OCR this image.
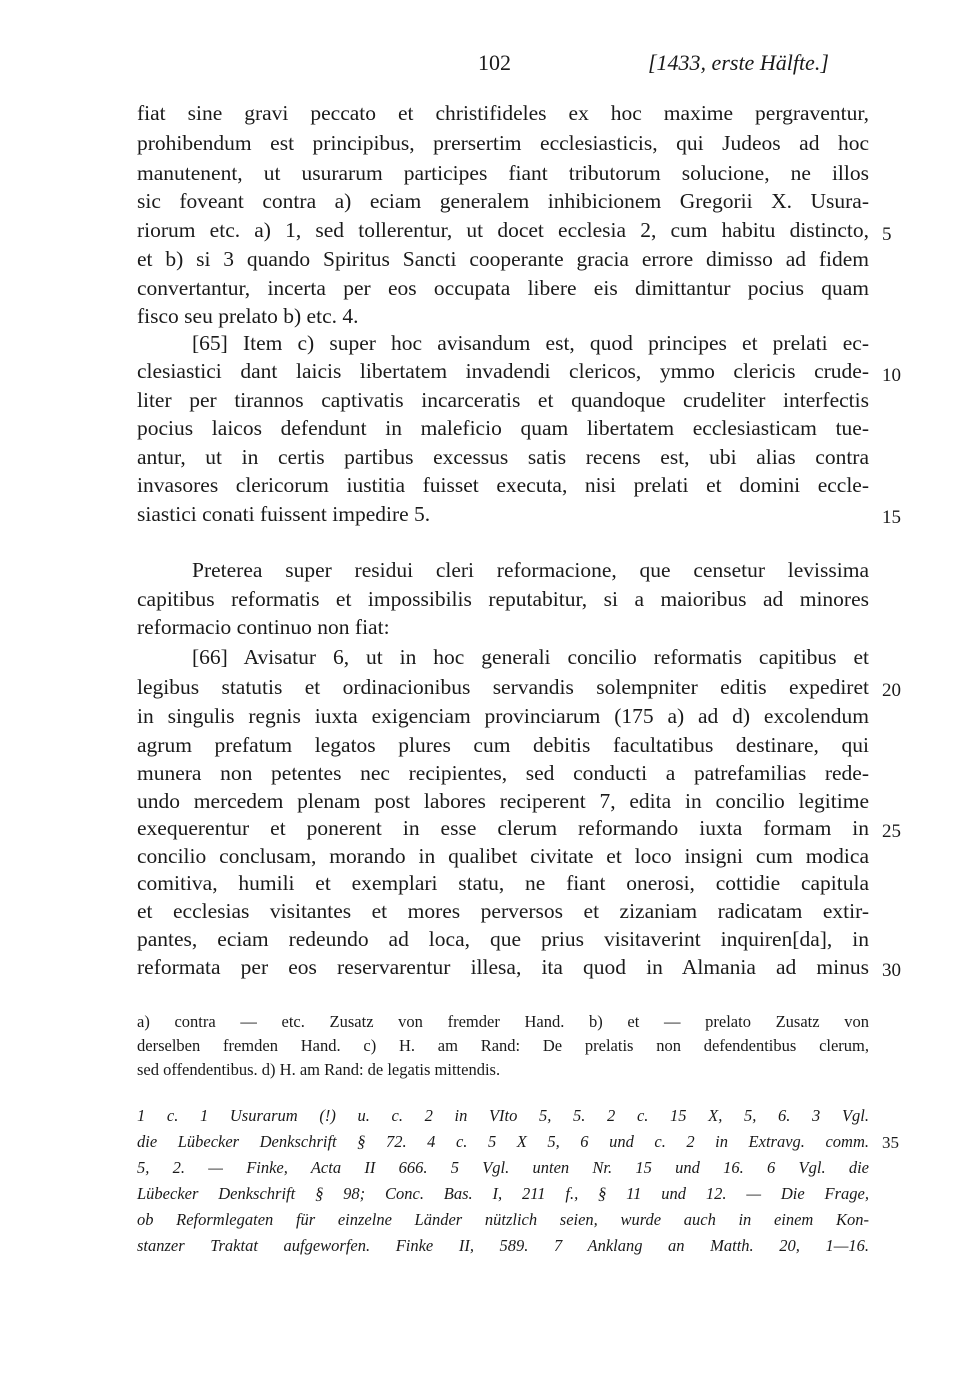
102	[1433, erste Hälfte.]
fiat sine gravi peccato et christifideles ex hoc maxime pergraventur,
prohibendum est principibus, prersertim ecclesiasticis, qui Judeos ad hoc
manutenent, ut usurarum participes fiant tributorum solucione, ne illos
sic foveant contra a) eciam generalem inhibicionem Gregorii X. Usura-
riorum etc. a) 1, sed tollerentur, ut docet ecclesia 2, cum habitu distincto,
et b) si 3 quando Spiritus Sancti cooperante gracia errore dimisso ad fidem
convertantur, incerta per eos occupata libere eis dimittantur pocius quam
fisco seu prelato b) etc. 4.
[65] Item c) super hoc avisandum est, quod principes et prelati ec-
clesiastici dant laicis libertatem invadendi clericos, ymmo clericis crude-
liter per tirannos captivatis incarceratis et quandoque crudeliter interfectis
pocius laicos defendunt in maleficio quam libertatem ecclesiasticam tue-
antur, ut in certis partibus excessus satis recens est, ubi alias contra
invasores clericorum iustitia fuisset executa, nisi prelati et domini eccle-
siastici conati fuissent impedire 5.
Preterea super residui cleri reformacione, que censetur levissima
capitibus reformatis et impossibilis reputabitur, si a maioribus ad minores
reformacio continuo non fiat:
[66] Avisatur 6, ut in hoc generali concilio reformatis capitibus et
legibus statutis et ordinacionibus servandis solempniter editis expediret
in singulis regnis iuxta exigenciam provinciarum (175 a) ad d) excolendum
agrum prefatum legatos plures cum debitis facultatibus destinare, qui
munera non petentes nec recipientes, sed conducti a patrefamilias rede-
undo mercedem plenam post labores reciperent 7, edita in concilio legitime
exequerentur et ponerent in esse clerum reformando iuxta formam in
concilio conclusam, morando in qualibet civitate et loco insigni cum modica
comitiva, humili et exemplari statu, ne fiant onerosi, cottidie capitula
et ecclesias visitantes et mores perversos et zizaniam radicatam extir-
pantes, eciam redeundo ad loca, que prius visitaverint inquiren[da], in
reformata per eos reservarentur illesa, ita quod in Almania ad minus
5
10
15
20
25
30
a) contra — etc. Zusatz von fremder Hand. b) et — prelato Zusatz von
derselben fremden Hand. c) H. am Rand: De prelatis non defendentibus clerum,
sed offendentibus. d) H. am Rand: de legatis mittendis.
1 c. 1 Usurarum (!) u. c. 2 in VIto 5, 5. 2 c. 15 X, 5, 6. 3 Vgl.
die Lübecker Denkschrift § 72. 4 c. 5 X 5, 6 und c. 2 in Extravg. comm.
5, 2. — Finke, Acta II 666. 5 Vgl. unten Nr. 15 und 16. 6 Vgl. die
Lübecker Denkschrift § 98; Conc. Bas. I, 211 f., § 11 und 12. — Die Frage,
ob Reformlegaten für einzelne Länder nützlich seien, wurde auch in einem Kon-
stanzer Traktat aufgeworfen. Finke II, 589. 7 Anklang an Matth. 20, 1—16.
35
